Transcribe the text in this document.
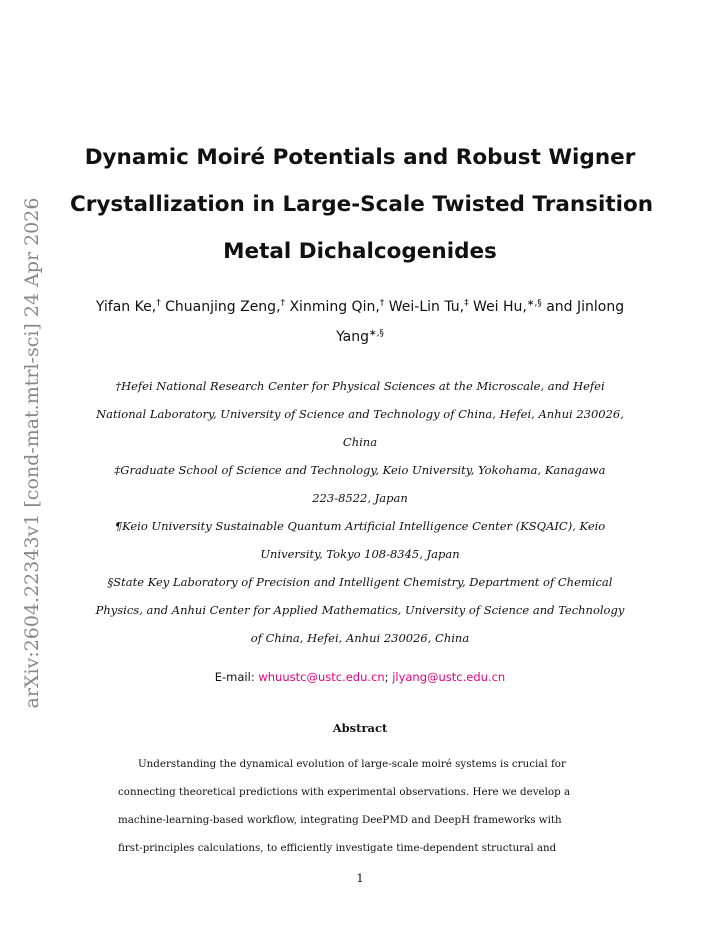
arXiv:2604.22343v1 [cond-mat.mtrl-sci] 24 Apr 2026
Dynamic Moiré Potentials and Robust Wigner
Crystallization in Large-Scale Twisted Transition
Metal Dichalcogenides
Yifan Ke,† Chuanjing Zeng,† Xinming Qin,† Wei-Lin Tu,‡ Wei Hu,∗,§ and Jinlong
Yang∗,§
†Hefei National Research Center for Physical Sciences at the Microscale, and Hefei
National Laboratory, University of Science and Technology of China, Hefei, Anhui 230026,
China
‡Graduate School of Science and Technology, Keio University, Yokohama, Kanagawa
223-8522, Japan
¶Keio University Sustainable Quantum Artificial Intelligence Center (KSQAIC), Keio
University, Tokyo 108-8345, Japan
§State Key Laboratory of Precision and Intelligent Chemistry, Department of Chemical
Physics, and Anhui Center for Applied Mathematics, University of Science and Technology
of China, Hefei, Anhui 230026, China
E-mail: whuustc@ustc.edu.cn; jlyang@ustc.edu.cn
Abstract
Understanding the dynamical evolution of large-scale moiré systems is crucial for
connecting theoretical predictions with experimental observations. Here we develop a
machine-learning-based workflow, integrating DeePMD and DeepH frameworks with
first-principles calculations, to efficiently investigate time-dependent structural and
1
